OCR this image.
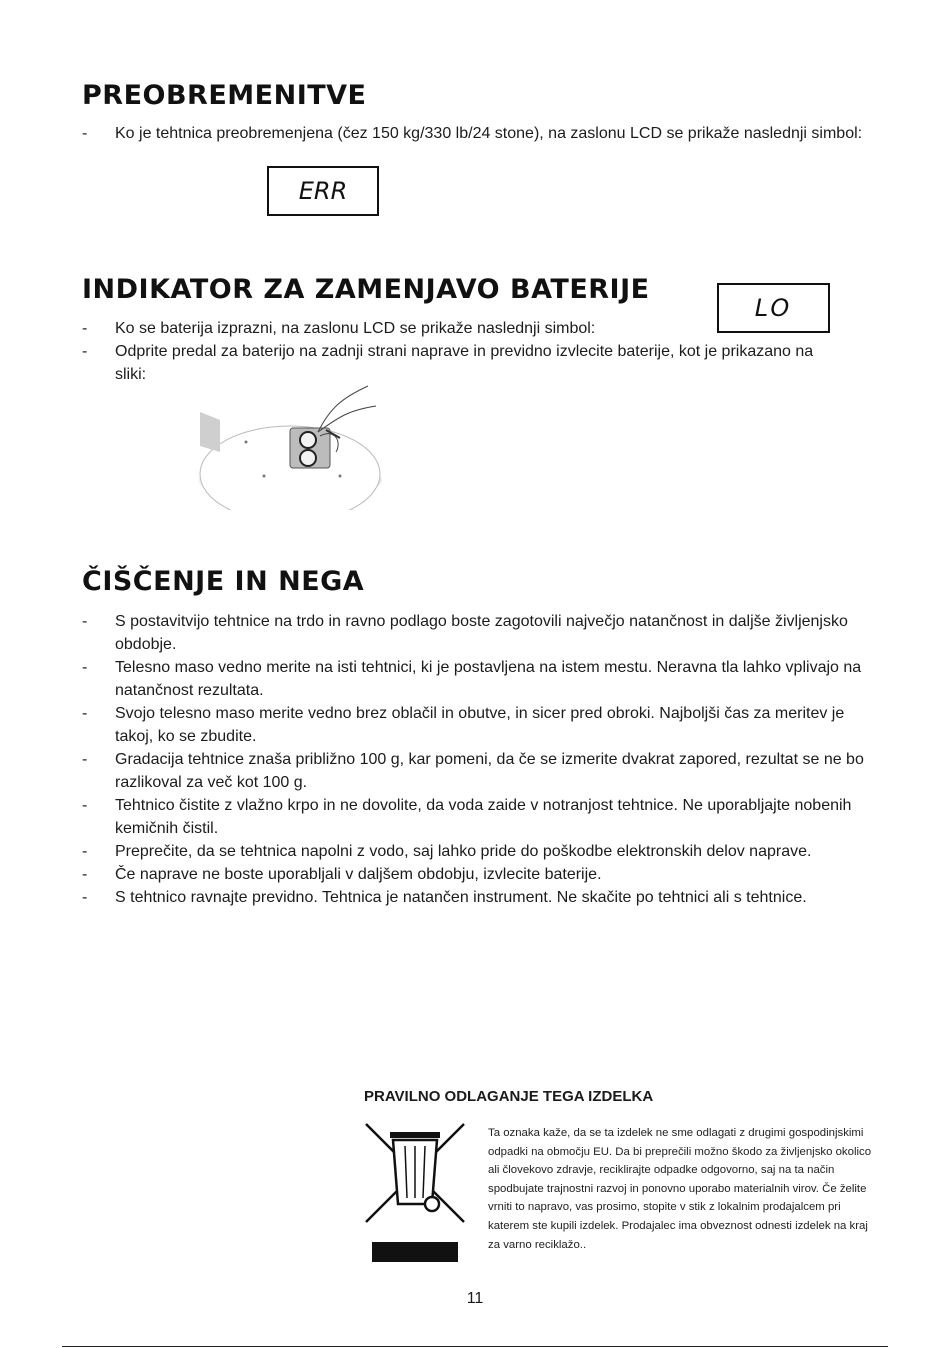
PREOBREMENITVE
- Ko je tehtnica preobremenjena (čez 150 kg/330 lb/24 stone), na zaslonu LCD se prikaže naslednji simbol:
ERR
INDIKATOR ZA ZAMENJAVO BATERIJE
LO
- Ko se baterija izprazni, na zaslonu LCD se prikaže naslednji simbol:
- Odprite predal za baterijo na zadnji strani naprave in previdno izvlecite baterije, kot je prikazano na sliki:
ČIŠČENJE IN NEGA
- S postavitvijo tehtnice na trdo in ravno podlago boste zagotovili največjo natančnost in daljše življenjsko obdobje.
- Telesno maso vedno merite na isti tehtnici, ki je postavljena na istem mestu. Neravna tla lahko vplivajo na natančnost rezultata.
- Svojo telesno maso merite vedno brez oblačil in obutve, in sicer pred obroki. Najboljši čas za meritev je takoj, ko se zbudite.
- Gradacija tehtnice znaša približno 100 g, kar pomeni, da če se izmerite dvakrat zapored, rezultat se ne bo razlikoval za več kot 100 g.
- Tehtnico čistite z vlažno krpo in ne dovolite, da voda zaide v notranjost tehtnice. Ne uporabljajte nobenih kemičnih čistil.
- Preprečite, da se tehtnica napolni z vodo, saj lahko pride do poškodbe elektronskih delov naprave.
- Če naprave ne boste uporabljali v daljšem obdobju, izvlecite baterije.
- S tehtnico ravnajte previdno. Tehtnica je natančen instrument. Ne skačite po tehtnici ali s tehtnice.
PRAVILNO ODLAGANJE TEGA IZDELKA
Ta oznaka kaže, da se ta izdelek ne sme odlagati z drugimi gospodinjskimi odpadki na območju EU. Da bi preprečili možno škodo za življenjsko okolico ali človekovo zdravje, reciklirajte odpadke odgovorno, saj na ta način spodbujate trajnostni razvoj in ponovno uporabo materialnih virov. Če želite vrniti to napravo, vas prosimo, stopite v stik z lokalnim prodajalcem pri katerem ste kupili izdelek. Prodajalec ima obveznost odnesti izdelek na kraj za varno reciklažo..
11
